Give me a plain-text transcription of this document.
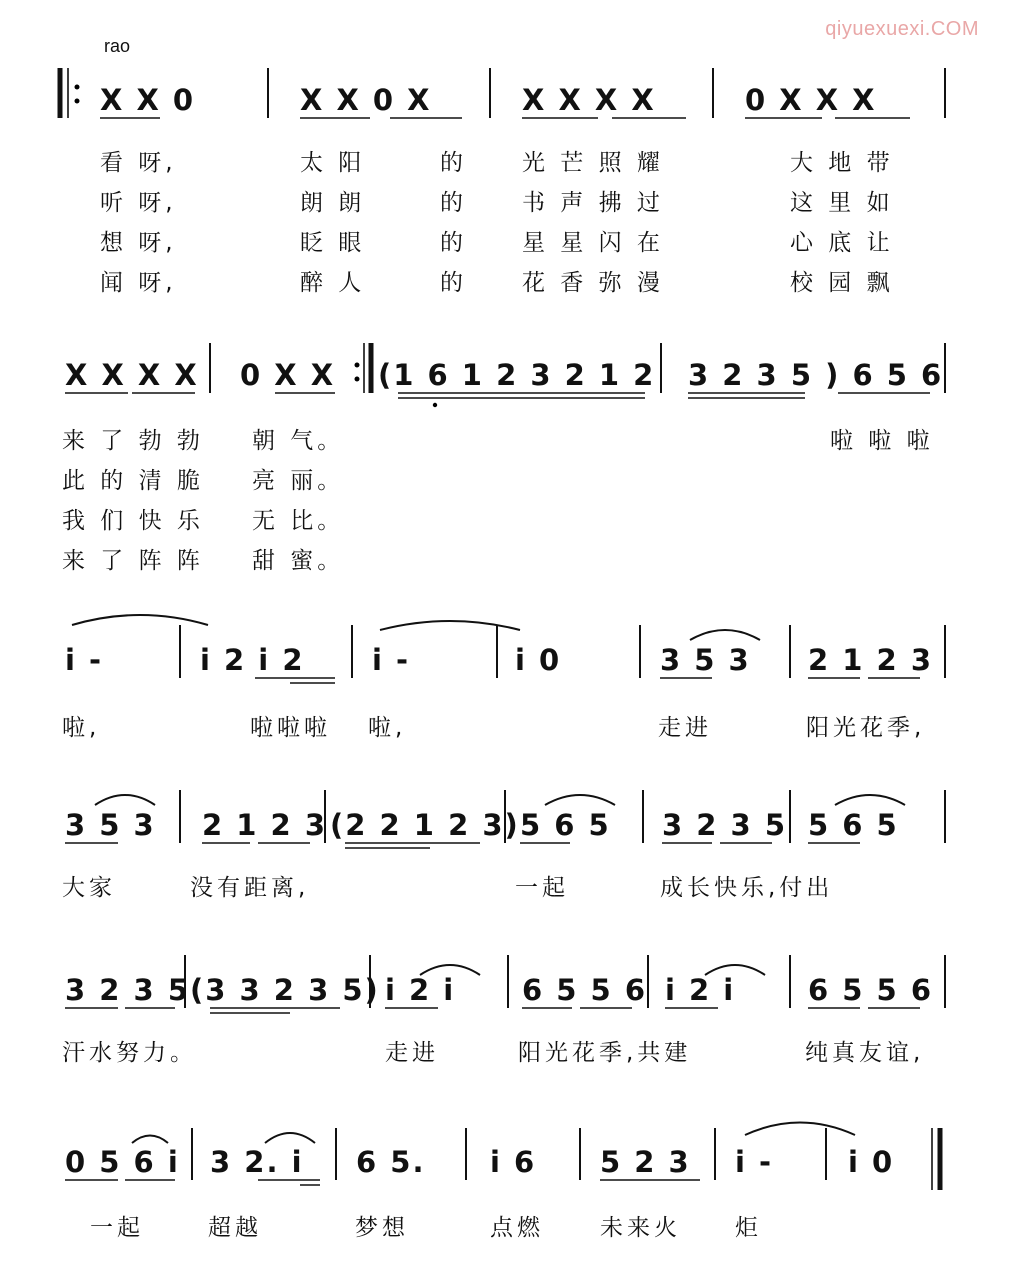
qiyuexuexi.COM
rao
X X 0	X X 0 X	X X X X	0 X X X
看 呀,	太 阳	的 光 芒 照 耀	大 地 带
听 呀,	朗 朗	的 书 声 拂 过	这 里 如
想 呀,	眨 眼	的 星 星 闪 在	心 底 让
闻 呀,	醉 人	的 花 香 弥 漫	校 园 飘
X X X X 0 X X (1 6 1 2 3 2 1 2 3 2 3 5 ) 6 5 6
来 了 勃 勃 朝 气。	啦 啦 啦
此 的 清 脆 亮 丽。
我 们 快 乐 无 比。
来 了 阵 阵 甜 蜜。
i -	i 2 i 2 i -	i 0	3 5 3 2 1 2 3
啦,	啦啦啦 啦,	走进	阳光花季,
3 5 3 2 1 2 3 (2 2 1 2 3) 5 6 5 3 2 3 5 5 6 5
大家	没有距离,	一起	成长快乐,付出
3 2 3 5 (3 3 2 3 5) i 2 i 6 5 5 6 i 2 i	6 5 5 6
汗水努力。	走进	阳光花季,共建	纯真友谊,
0 5 6 i 3 2. i 6 5. i 6 5 2 3 i -	i 0
一起	超越	梦想	点燃 未来火 炬
